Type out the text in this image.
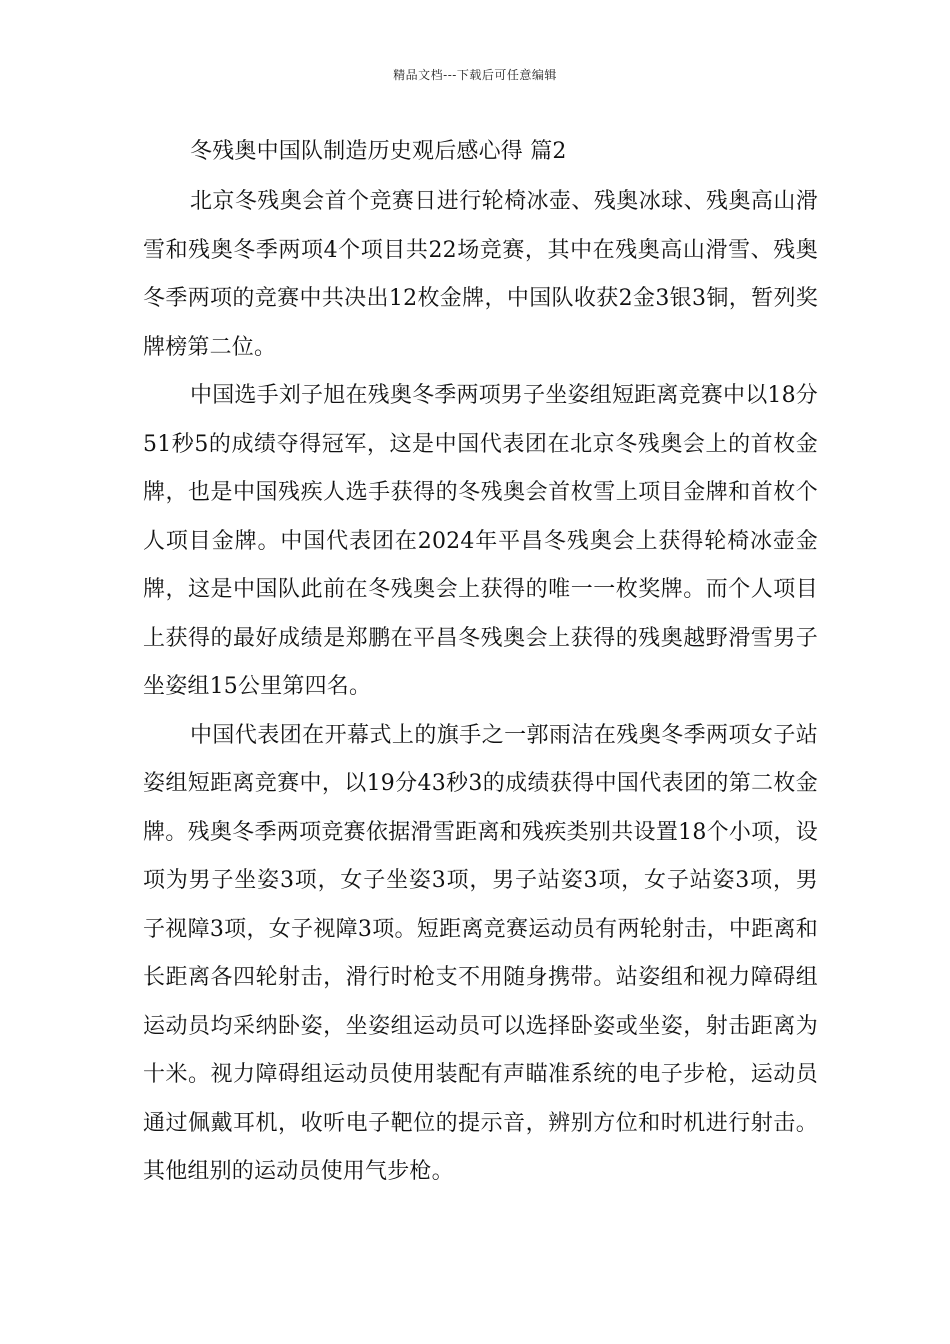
精品文档---下载后可任意编辑
冬残奥中国队制造历史观后感心得 篇2

北京冬残奥会首个竞赛日进行轮椅冰壶、残奥冰球、残奥高山滑雪和残奥冬季两项4个项目共22场竞赛，其中在残奥高山滑雪、残奥冬季两项的竞赛中共决出12枚金牌，中国队收获2金3银3铜，暂列奖牌榜第二位。

中国选手刘子旭在残奥冬季两项男子坐姿组短距离竞赛中以18分51秒5的成绩夺得冠军，这是中国代表团在北京冬残奥会上的首枚金牌，也是中国残疾人选手获得的冬残奥会首枚雪上项目金牌和首枚个人项目金牌。中国代表团在2024年平昌冬残奥会上获得轮椅冰壶金牌，这是中国队此前在冬残奥会上获得的唯一一枚奖牌。而个人项目上获得的最好成绩是郑鹏在平昌冬残奥会上获得的残奥越野滑雪男子坐姿组15公里第四名。

中国代表团在开幕式上的旗手之一郭雨洁在残奥冬季两项女子站姿组短距离竞赛中，以19分43秒3的成绩获得中国代表团的第二枚金牌。残奥冬季两项竞赛依据滑雪距离和残疾类别共设置18个小项，设项为男子坐姿3项，女子坐姿3项，男子站姿3项，女子站姿3项，男子视障3项，女子视障3项。短距离竞赛运动员有两轮射击，中距离和长距离各四轮射击，滑行时枪支不用随身携带。站姿组和视力障碍组运动员均采纳卧姿，坐姿组运动员可以选择卧姿或坐姿，射击距离为十米。视力障碍组运动员使用装配有声瞄准系统的电子步枪，运动员通过佩戴耳机，收听电子靶位的提示音，辨别方位和时机进行射击。其他组别的运动员使用气步枪。
